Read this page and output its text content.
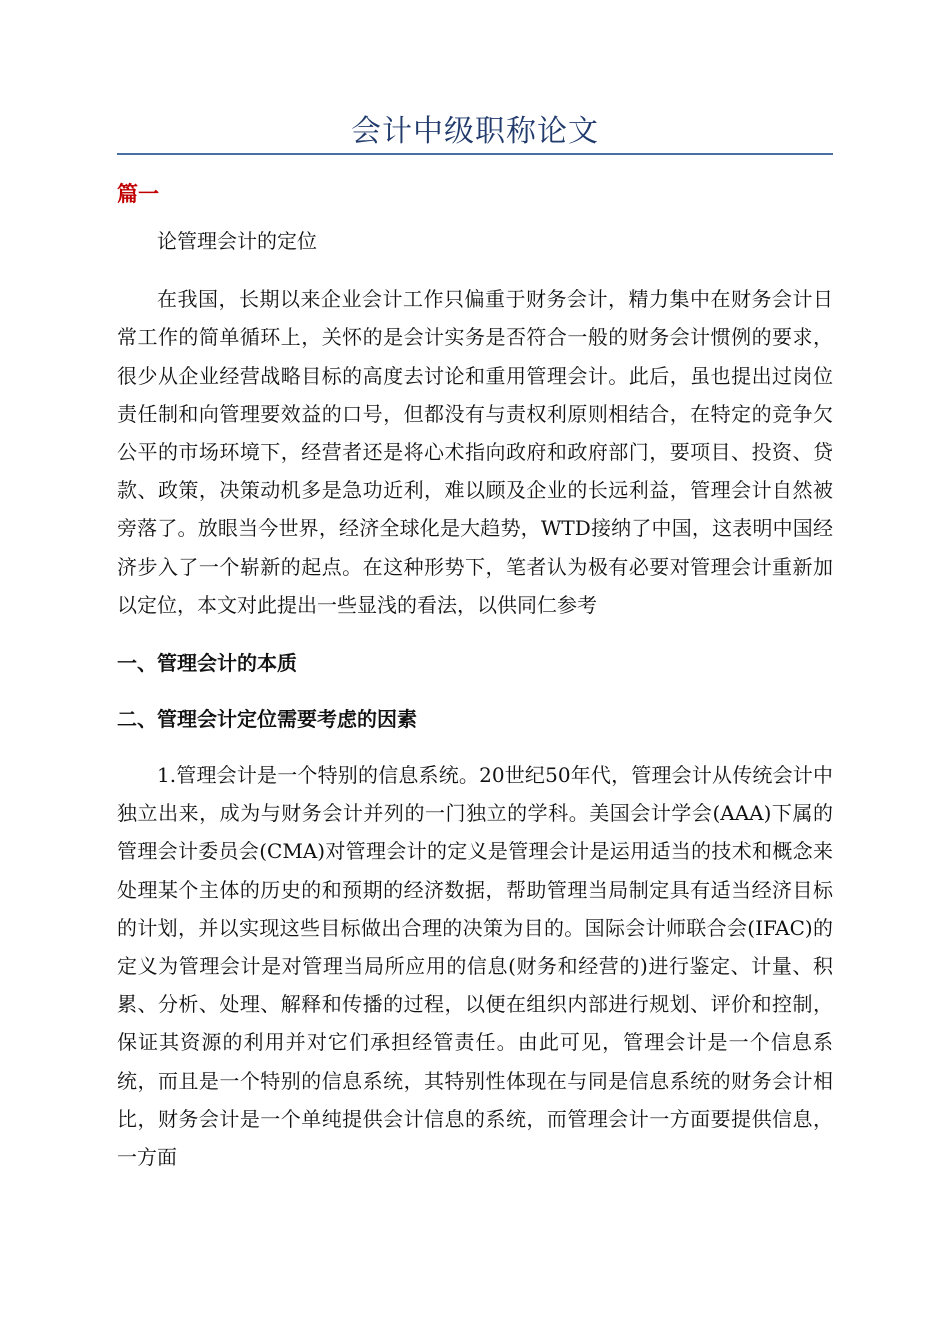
会计中级职称论文
篇一

论管理会计的定位

在我国，长期以来企业会计工作只偏重于财务会计，精力集中在财务会计日常工作的简单循环上，关怀的是会计实务是否符合一般的财务会计惯例的要求，很少从企业经营战略目标的高度去讨论和重用管理会计。此后，虽也提出过岗位责任制和向管理要效益的口号，但都没有与责权利原则相结合，在特定的竞争欠公平的市场环境下，经营者还是将心术指向政府和政府部门，要项目、投资、贷款、政策，决策动机多是急功近利，难以顾及企业的长远利益，管理会计自然被旁落了。放眼当今世界，经济全球化是大趋势，WTD接纳了中国，这表明中国经济步入了一个崭新的起点。在这种形势下，笔者认为极有必要对管理会计重新加以定位，本文对此提出一些显浅的看法，以供同仁参考

一、管理会计的本质
二、管理会计定位需要考虑的因素

1.管理会计是一个特别的信息系统。20世纪50年代，管理会计从传统会计中独立出来，成为与财务会计并列的一门独立的学科。美国会计学会(AAA)下属的管理会计委员会(CMA)对管理会计的定义是管理会计是运用适当的技术和概念来处理某个主体的历史的和预期的经济数据，帮助管理当局制定具有适当经济目标的计划，并以实现这些目标做出合理的决策为目的。国际会计师联合会(IFAC)的定义为管理会计是对管理当局所应用的信息(财务和经营的)进行鉴定、计量、积累、分析、处理、解释和传播的过程，以便在组织内部进行规划、评价和控制，保证其资源的利用并对它们承担经管责任。由此可见，管理会计是一个信息系统，而且是一个特别的信息系统，其特别性体现在与同是信息系统的财务会计相比，财务会计是一个单纯提供会计信息的系统，而管理会计一方面要提供信息，一方面
